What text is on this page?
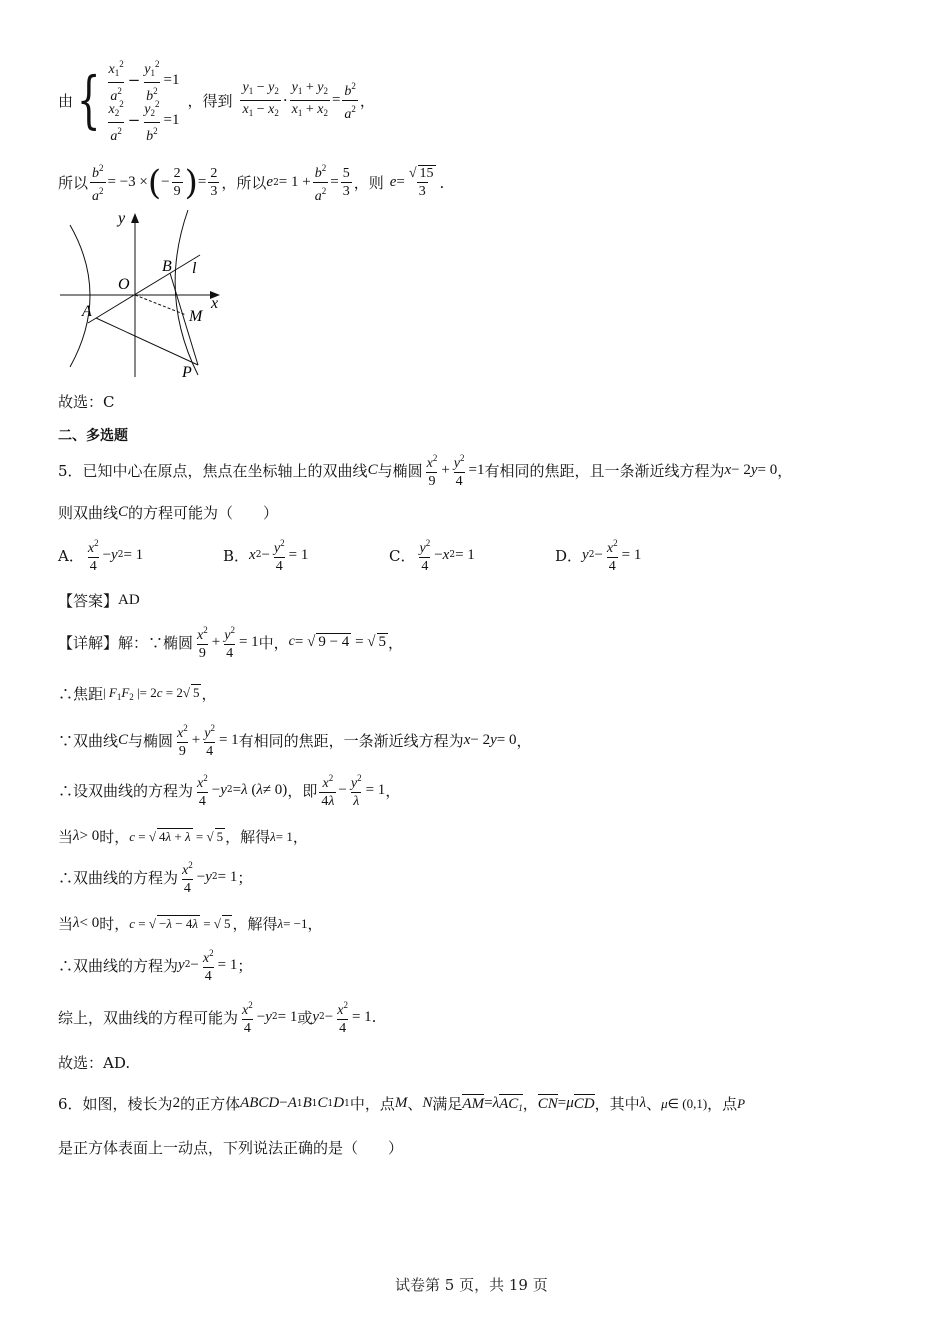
由 { $\frac{x_1^2}{a^2} - \frac{y_1^2}{b^2} =1$
$\frac{x_2^2}{a^2} - \frac{y_2^2}{b^2} =1$
，得到 $\frac{y_1 - y_2}{x_1 - x_2} \cdot \frac{y_1 + y_2}{x_1 + x_2} = \frac{b^2}{a^2}$ ，
所以 $\frac{b^2}{a^2} = -3$ × ( − $\frac{2}{9}$ ) = $\frac{2}{3}$ ，所以 e $2 = 1 + \frac{b^2}{a^2} = \frac{5}{3}$ ，则 $e = \frac{√ 15}{3}$ .
y
x
O
B l
A	M
P
故选：C
二、多选题
5． 已知中心在原点，焦点在坐标轴上的双曲线 C 与椭圆 $\frac{x^2}{9} + \frac{y^2}{4} =1$ 有相同的焦距，且一条渐近线方程为 x − 2 y = 0 ，
则双曲线 C 的方程可能为（　　）
A． $\frac{x^2}{4} - y$ 2 = 1	B． x $2 - \frac{y^2}{4} = 1$	C． $\frac{y^2}{4} - x$ 2 = 1	D． y $2 - \frac{x^2}{4} = 1$
【答案】 AD
【详解】 解：∵椭圆 $\frac{x^2}{9} + \frac{y^2}{4} = 1$ 中， c = √ 9 − 4 = √ 5 ，
∴焦距 | $F_1F_2$ |= 2c = 2√ 5 ，
∵双曲线 C 与椭圆 $\frac{x^2}{9} + \frac{y^2}{4} = 1$ 有相同的焦距，一条渐近线方程为 x − 2 y = 0 ，
∴设双曲线的方程为 $\frac{x^2}{4} - y$ 2 = λ ( λ ≠ 0) ，即 $\frac{x^2}{4\lambda} - \frac{y^2}{\lambda} = 1$ ，
当 λ > 0 时， c = √ 4λ + λ = √ 5 ，解得 λ = 1 ，
∴双曲线的方程为 $\frac{x^2}{4} - y$ 2 = 1 ；
当 λ < 0 时， c = √ −λ − 4λ = √ 5 ，解得 λ = −1 ，
∴双曲线的方程为 y $2 - \frac{x^2}{4} = 1$ ；
综上，双曲线的方程可能为 $\frac{x^2}{4} - y$ 2 = 1 或 y $2 - \frac{x^2}{4} = 1$ .
故选：AD.
6． 如图，棱长为 2 的正方体 ABCD − A 1 B 1 C 1 D 1 中，点 M 、 N 满足 AM = λ $AC_1$ ， CN = μ CD ，其中 λ 、 μ ∈ (0,1) ，点 P
是正方体表面上一动点，下列说法正确的是（　　）
试卷第 5 页，共 19 页
